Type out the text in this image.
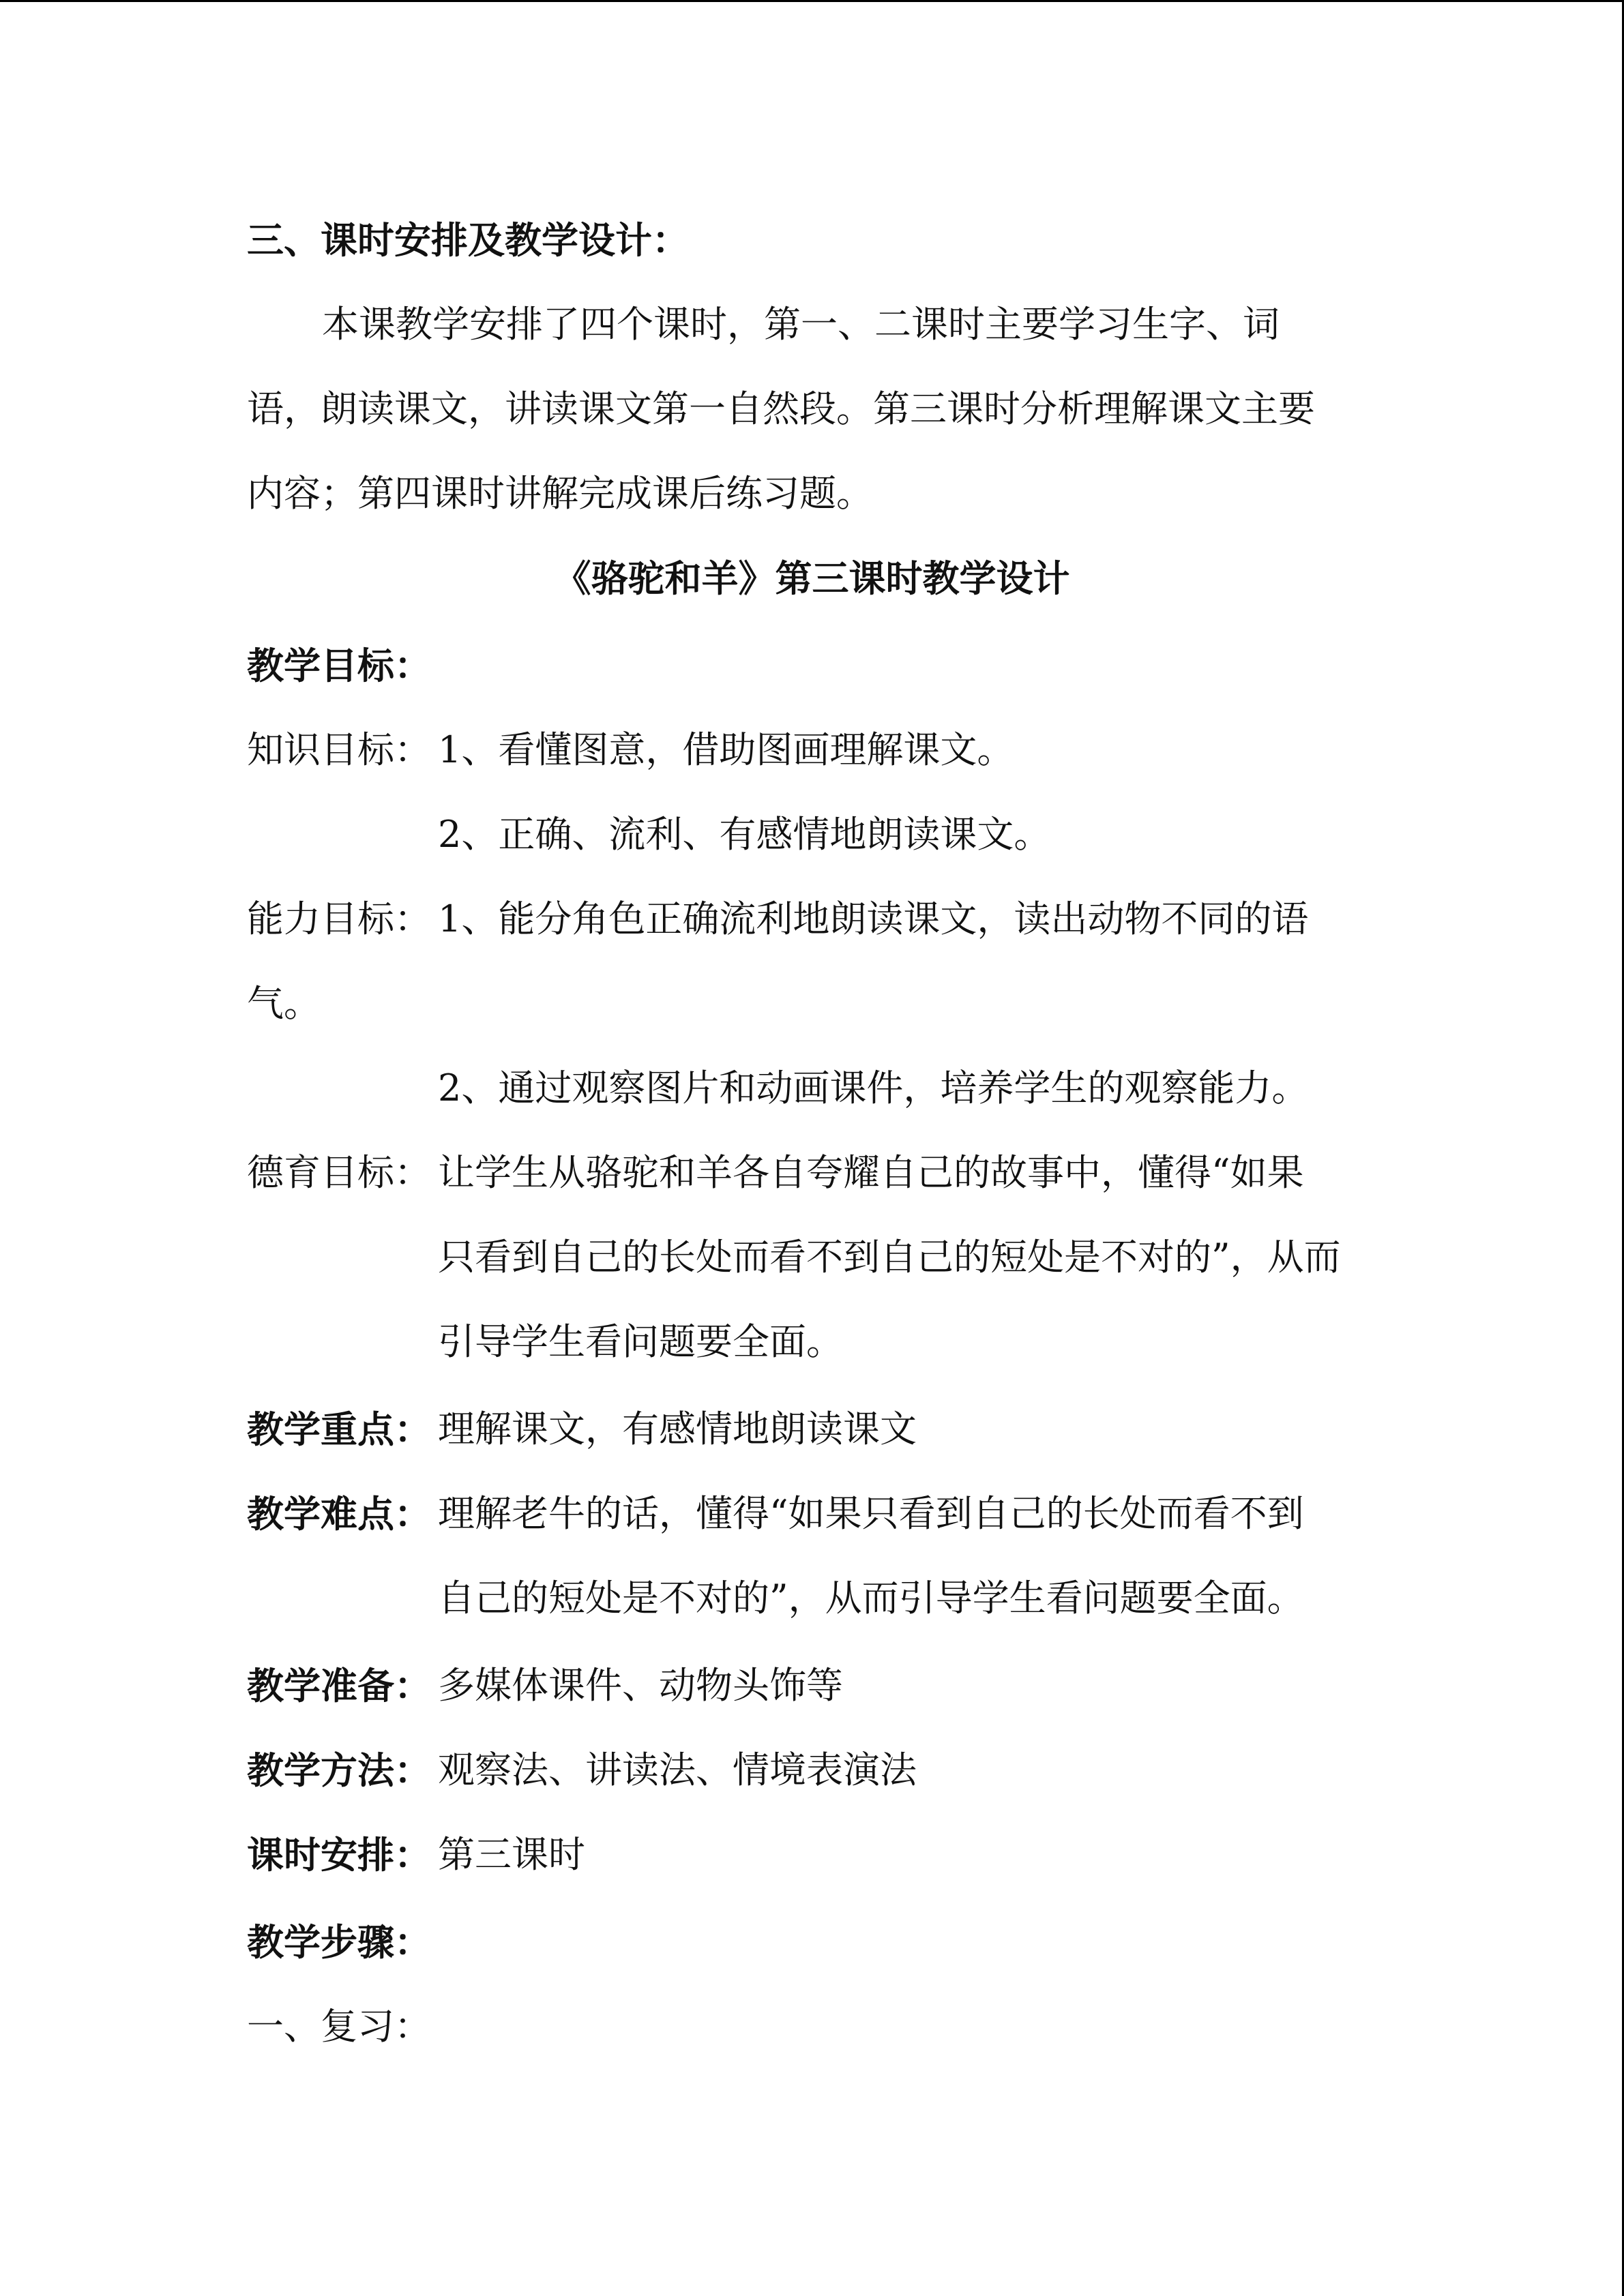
三、课时安排及教学设计：
本课教学安排了四个课时，第一、二课时主要学习生字、词
语，朗读课文，讲读课文第一自然段。第三课时分析理解课文主要
内容；第四课时讲解完成课后练习题。
《骆驼和羊》第三课时教学设计
教学目标：
知识目标： 1、看懂图意，借助图画理解课文。
2、正确、流利、有感情地朗读课文。
能力目标： 1、能分角色正确流利地朗读课文，读出动物不同的语
气。
2、通过观察图片和动画课件，培养学生的观察能力。
德育目标： 让学生从骆驼和羊各自夸耀自己的故事中，懂得“如果
只看到自己的长处而看不到自己的短处是不对的”，从而
引导学生看问题要全面。
教学重点： 理解课文，有感情地朗读课文
教学难点： 理解老牛的话，懂得“如果只看到自己的长处而看不到
自己的短处是不对的”，从而引导学生看问题要全面。
教学准备： 多媒体课件、动物头饰等
教学方法： 观察法、讲读法、情境表演法
课时安排： 第三课时
教学步骤：
一、复习：
